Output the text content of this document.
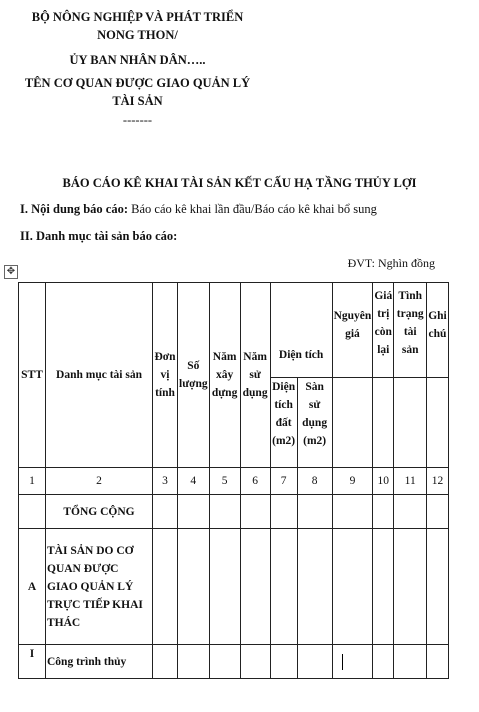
BỘ NÔNG NGHIỆP VÀ PHÁT TRIỂN
NONG THON/
ỦY BAN NHÂN DÂN…..
TÊN CƠ QUAN ĐƯỢC GIAO QUẢN LÝ
TÀI SẢN
-------
BÁO CÁO KÊ KHAI TÀI SẢN KẾT CẤU HẠ TẦNG THỦY LỢI
I. Nội dung báo cáo: Báo cáo kê khai lần đầu/Báo cáo kê khai bổ sung
II. Danh mục tài sản báo cáo:
ĐVT: Nghìn đồng
✥
STT	Danh mục tài sản	Đơn vị tính	Số lượng	Năm xây dựng	Năm sử dụng	Diện tích		Nguyên giá	Giá trị còn lại	Tình trạng tài sản	Ghi chú
						Diện tích đất (m2)	Sàn sử dụng (m2)				
1	2	3	4	5	6	7	8	9	10	11	12
	TỔNG CỘNG										
A	TÀI SẢN DO CƠ QUAN ĐƯỢC GIAO QUẢN LÝ TRỰC TIẾP KHAI THÁC										
I	Công trình thủy										
